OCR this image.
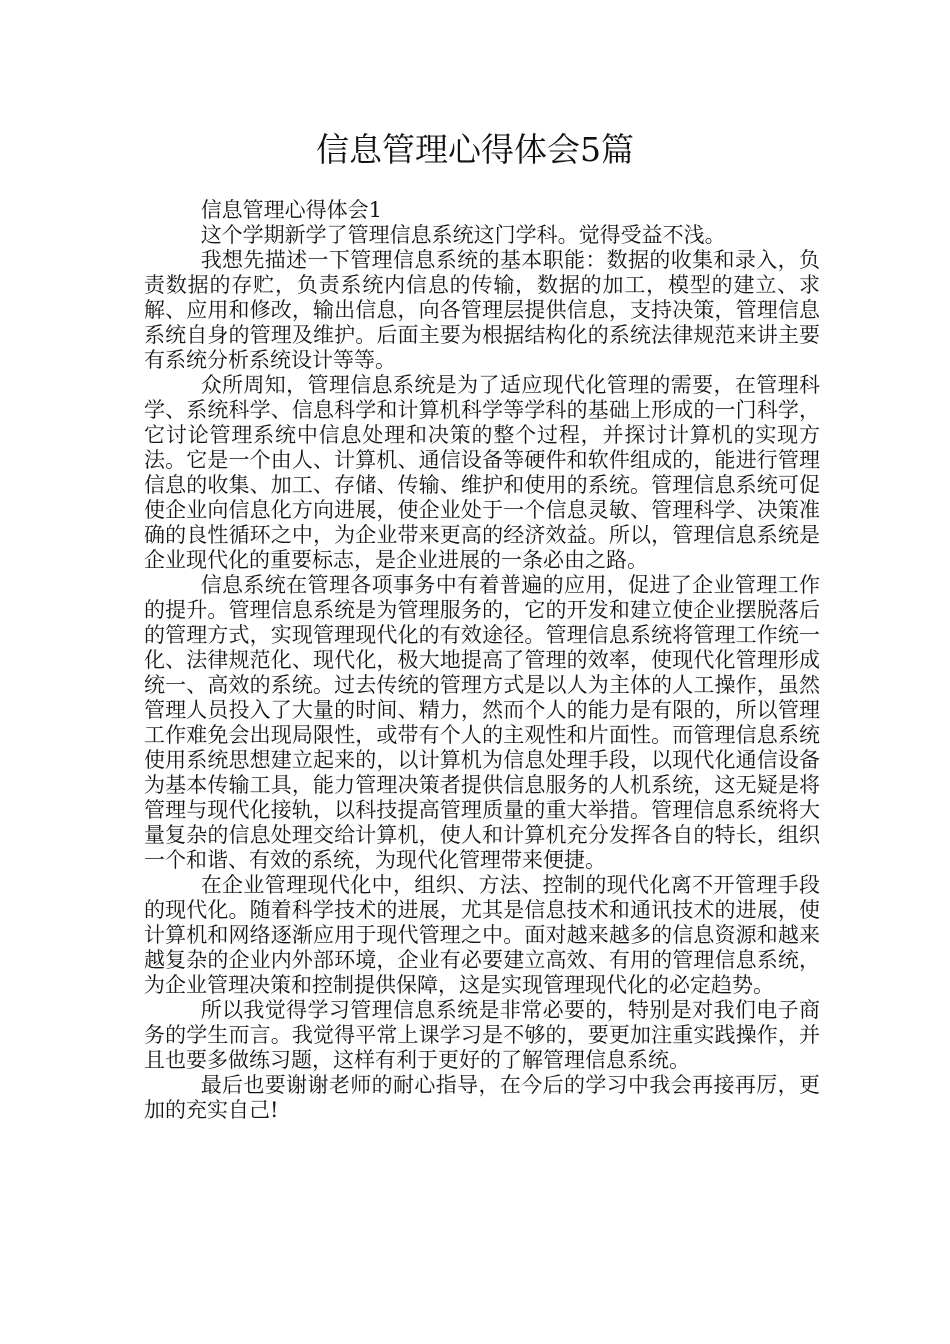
信息管理心得体会5篇

信息管理心得体会1

这个学期新学了管理信息系统这门学科。觉得受益不浅。

我想先描述一下管理信息系统的基本职能：数据的收集和录入，负责数据的存贮，负责系统内信息的传输，数据的加工，模型的建立、求解、应用和修改，输出信息，向各管理层提供信息，支持决策，管理信息系统自身的管理及维护。后面主要为根据结构化的系统法律规范来讲主要有系统分析系统设计等等。

众所周知，管理信息系统是为了适应现代化管理的需要，在管理科学、系统科学、信息科学和计算机科学等学科的基础上形成的一门科学，它讨论管理系统中信息处理和决策的整个过程，并探讨计算机的实现方法。它是一个由人、计算机、通信设备等硬件和软件组成的，能进行管理信息的收集、加工、存储、传输、维护和使用的系统。管理信息系统可促使企业向信息化方向进展，使企业处于一个信息灵敏、管理科学、决策准确的良性循环之中，为企业带来更高的经济效益。所以，管理信息系统是企业现代化的重要标志，是企业进展的一条必由之路。

信息系统在管理各项事务中有着普遍的应用，促进了企业管理工作的提升。管理信息系统是为管理服务的，它的开发和建立使企业摆脱落后的管理方式，实现管理现代化的有效途径。管理信息系统将管理工作统一化、法律规范化、现代化，极大地提高了管理的效率，使现代化管理形成统一、高效的系统。过去传统的管理方式是以人为主体的人工操作，虽然管理人员投入了大量的时间、精力，然而个人的能力是有限的，所以管理工作难免会出现局限性，或带有个人的主观性和片面性。而管理信息系统使用系统思想建立起来的，以计算机为信息处理手段，以现代化通信设备为基本传输工具，能力管理决策者提供信息服务的人机系统，这无疑是将管理与现代化接轨，以科技提高管理质量的重大举措。管理信息系统将大量复杂的信息处理交给计算机，使人和计算机充分发挥各自的特长，组织一个和谐、有效的系统，为现代化管理带来便捷。

在企业管理现代化中，组织、方法、控制的现代化离不开管理手段的现代化。随着科学技术的进展，尤其是信息技术和通讯技术的进展，使计算机和网络逐渐应用于现代管理之中。面对越来越多的信息资源和越来越复杂的企业内外部环境，企业有必要建立高效、有用的管理信息系统，为企业管理决策和控制提供保障，这是实现管理现代化的必定趋势。

所以我觉得学习管理信息系统是非常必要的，特别是对我们电子商务的学生而言。我觉得平常上课学习是不够的，要更加注重实践操作，并且也要多做练习题，这样有利于更好的了解管理信息系统。

最后也要谢谢老师的耐心指导，在今后的学习中我会再接再厉，更加的充实自己!
